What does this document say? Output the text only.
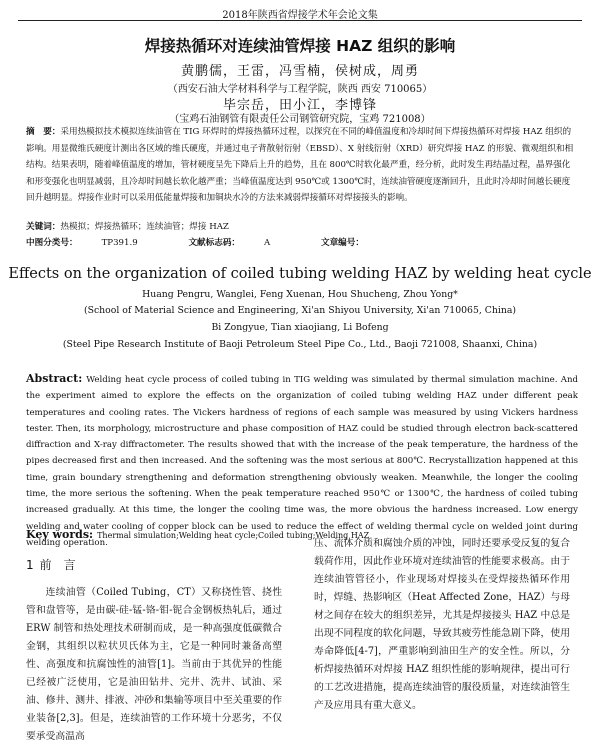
2018年陕西省焊接学术年会论文集
焊接热循环对连续油管焊接 HAZ 组织的影响
黄鹏儒，王雷，冯雪楠，侯树成，周勇
（西安石油大学材料科学与工程学院，陕西 西安 710065）
毕宗岳，田小江，李博锋
（宝鸡石油钢管有限责任公司钢管研究院，宝鸡 721008）
摘　要：采用热模拟技术模拟连续油管在 TIG 环焊时的焊接热循环过程，以探究在不同的峰值温度和冷却时间下焊接热循环对焊接 HAZ 组织的影响。用显微维氏硬度计测出各区域的维氏硬度，并通过电子背散射衍射（EBSD）、X 射线衍射（XRD）研究焊接 HAZ 的形貌、微观组织和相结构。结果表明，随着峰值温度的增加，管材硬度呈先下降后上升的趋势，且在 800℃时软化最严重，经分析，此时发生再结晶过程，晶界强化和形变强化也明显减弱，且冷却时间越长软化越严重；当峰值温度达到 950℃或 1300℃时，连续油管硬度逐渐回升，且此时冷却时间越长硬度回升越明显。焊接作业时可以采用低能量焊接和加铜块水冷的方法来减弱焊接循环对焊接接头的影响。
关键词：热模拟；焊接热循环；连续油管；焊接 HAZ
中图分类号：	TP391.9	文献标志码：	A	文章编号：
Effects on the organization of coiled tubing welding HAZ by welding heat cycle
Huang Pengru, Wanglei, Feng Xuenan, Hou Shucheng, Zhou Yong*
(School of Material Science and Engineering, Xi'an Shiyou University, Xi'an 710065, China)
Bi Zongyue, Tian xiaojiang, Li Bofeng
(Steel Pipe Research Institute of Baoji Petroleum Steel Pipe Co., Ltd., Baoji 721008, Shaanxi, China)
Abstract: Welding heat cycle process of coiled tubing in TIG welding was simulated by thermal simulation machine. And the experiment aimed to explore the effects on the organization of coiled tubing welding HAZ under different peak temperatures and cooling rates. The Vickers hardness of regions of each sample was measured by using Vickers hardness tester. Then, its morphology, microstructure and phase composition of HAZ could be studied through electron back-scattered diffraction and X-ray diffractometer. The results showed that with the increase of the peak temperature, the hardness of the pipes decreased first and then increased. And the softening was the most serious at 800℃. Recrystallization happened at this time, grain boundary strengthening and deformation strengthening obviously weaken. Meanwhile, the longer the cooling time, the more serious the softening. When the peak temperature reached 950℃ or 1300℃, the hardness of coiled tubing increased gradually. At this time, the longer the cooling time was, the more obvious the hardness increased. Low energy welding and water cooling of copper block can be used to reduce the effect of welding thermal cycle on welded joint during welding operation.
Key words: Thermal simulation;Welding heat cycle;Coiled tubing;Welding HAZ
1 前　言

连续油管（Coiled Tubing，CT）又称挠性管、挠性管和盘管等，是由碳-硅-锰-铬-钼-铌合金钢板热轧后，通过 ERW 制管和热处理技术研制而成，是一种高强度低碳微合金钢，其组织以粒状贝氏体为主，它是一种同时兼备高塑性、高强度和抗腐蚀性的油管[1]。当前由于其优异的性能已经被广泛使用，它是油田钻井、完井、洗井、试油、采油、修井、测井、排液、冲砂和集输等项目中至关重要的作业装备[2,3]。但是，连续油管的工作环境十分恶劣，不仅要承受高温高

压、流体介质和腐蚀介质的冲蚀，同时还要承受反复的复合载荷作用，因此作业环境对连续油管的性能要求极高。由于连续油管管径小，作业现场对焊接头在受焊接热循环作用时，焊缝、热影响区（Heat Affected Zone，HAZ）与母材之间存在较大的组织差异，尤其是焊接接头 HAZ 中总是出现不同程度的软化问题，导致其疲劳性能急剧下降，使用寿命降低[4-7]，严重影响到油田生产的安全性。所以，分析焊接热循环对焊接 HAZ 组织性能的影响规律，提出可行的工艺改进措施，提高连续油管的服役质量，对连续油管生产及应用具有重大意义。
